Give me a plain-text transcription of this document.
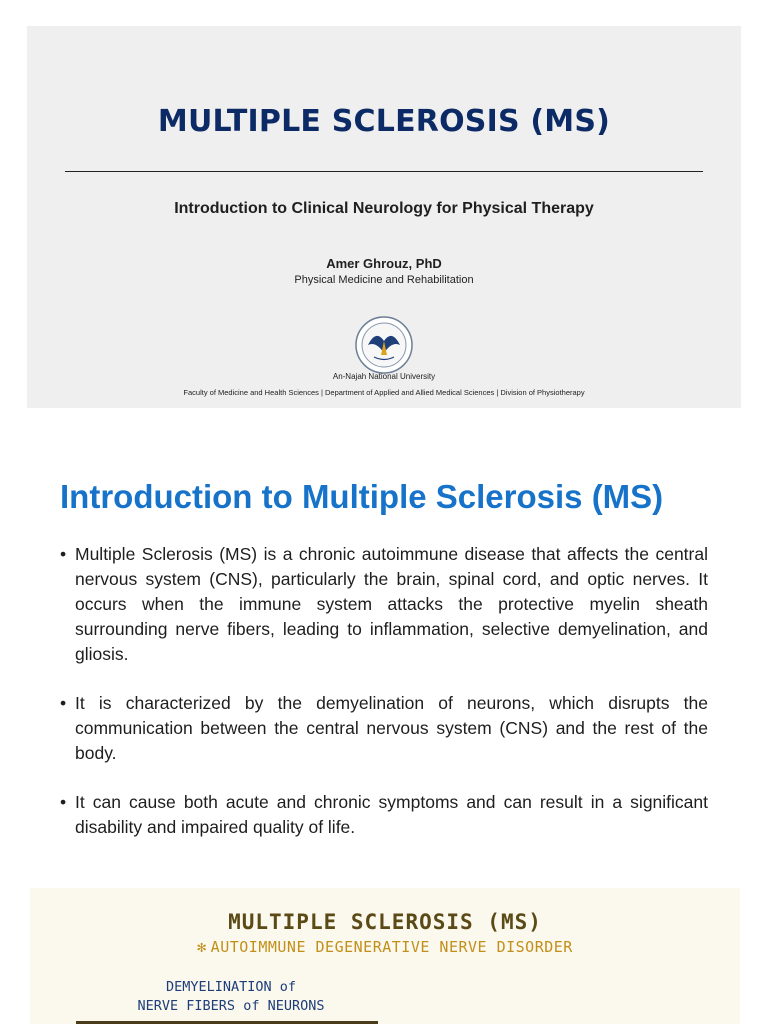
MULTIPLE SCLEROSIS (MS)
Introduction to Clinical Neurology for Physical Therapy
Amer Ghrouz, PhD
Physical Medicine and Rehabilitation
An-Najah National University
Faculty of Medicine and Health Sciences | Department of Applied and Allied Medical Sciences | Division of Physiotherapy
Introduction to Multiple Sclerosis (MS)
• Multiple Sclerosis (MS) is a chronic autoimmune disease that affects the central nervous system (CNS), particularly the brain, spinal cord, and optic nerves. It occurs when the immune system attacks the protective myelin sheath surrounding nerve fibers, leading to inflammation, selective demyelination, and gliosis.
• It is characterized by the demyelination of neurons, which disrupts the communication between the central nervous system (CNS) and the rest of the body.
• It can cause both acute and chronic symptoms and can result in a significant disability and impaired quality of life.
MULTIPLE SCLEROSIS (MS)
✻ AUTOIMMUNE DEGENERATIVE NERVE DISORDER
DEMYELINATION of
NERVE FIBERS of NEURONS
